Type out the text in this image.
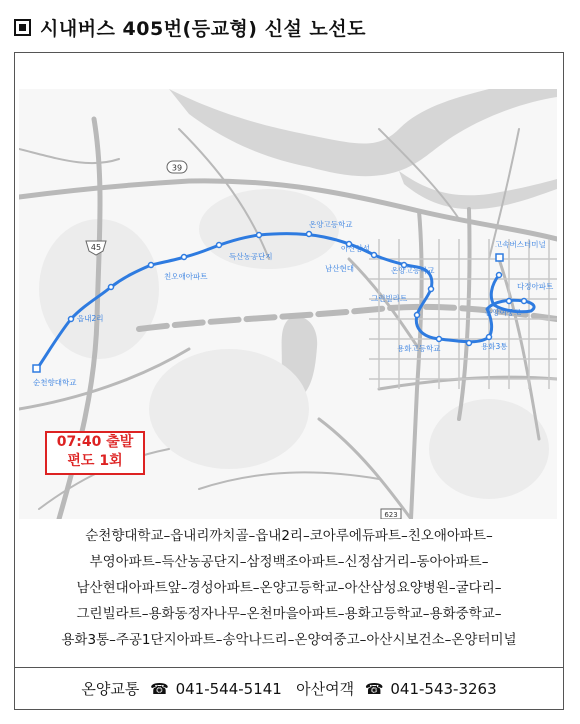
시내버스 405번(등교형) 신설 노선도
39
45
623
순천향대학교
읍내2리
친오애아파트
득산농공단지
온양고등학교
아산삼성
온양고등학교
남산현대
그린빌라트
용화고등학교	용화3통
고속버스터미널
다정아파트
온양여중고
07:40 출발
편도 1회
순천향대학교–읍내리까치골–읍내2리–코아루에듀파트–친오애아파트–
부영아파트–득산농공단지–삼정백조아파트–신정삼거리–동아아파트–
남산현대아파트앞–경성아파트–온양고등학교–아산삼성요양병원–굴다리–
그린빌라트–용화동정자나무–온천마을아파트–용화고등학교–용화중학교–
용화3통–주공1단지아파트–송악나드리–온양여중고–아산시보건소–온양터미널
온양교통 ☎ 041-544-5141 아산여객 ☎ 041-543-3263
